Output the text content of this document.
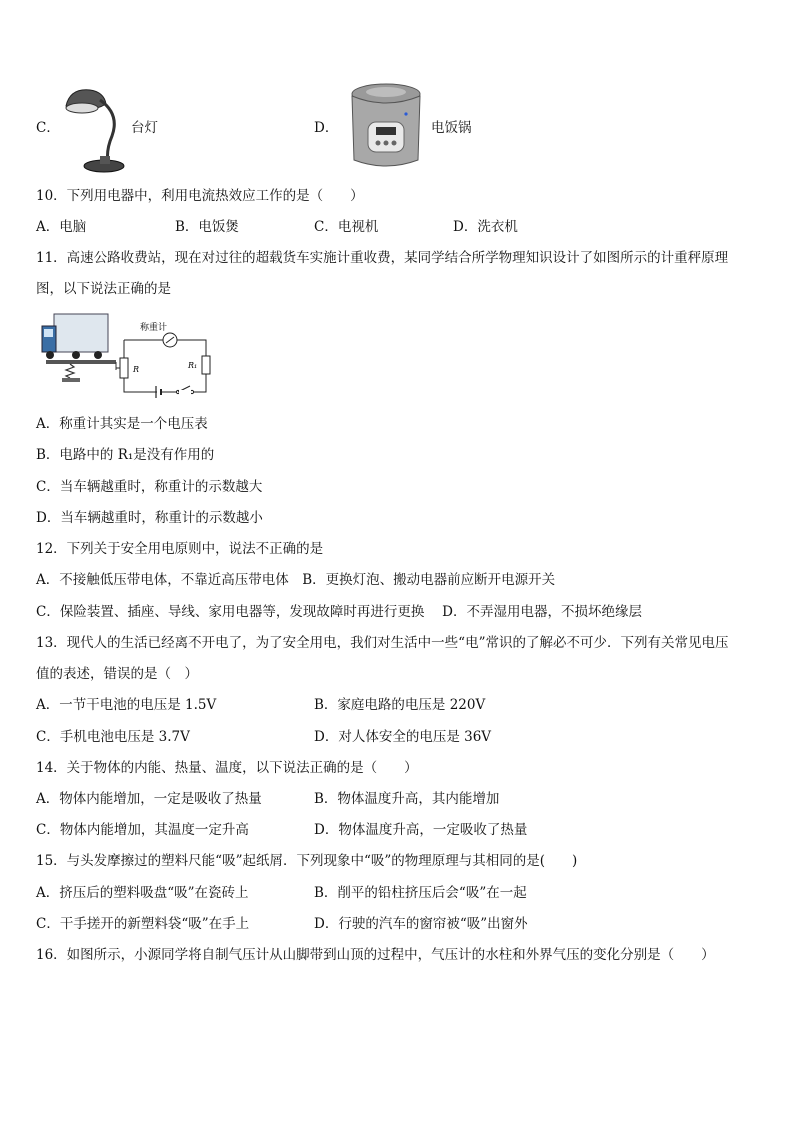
C．	台灯	D．	电饭锅
10．下列用电器中，利用电流热效应工作的是（　　）
A．电脑	B．电饭煲	C．电视机	D．洗衣机
11．高速公路收费站，现在对过往的超载货车实施计重收费，某同学结合所学物理知识设计了如图所示的计重秤原理
图，以下说法正确的是
R
称重计
R₁
A．称重计其实是一个电压表
B．电路中的 R₁是没有作用的
C．当车辆越重时，称重计的示数越大
D．当车辆越重时，称重计的示数越小
12．下列关于安全用电原则中，说法不正确的是
A．不接触低压带电体，不靠近高压带电体　B．更换灯泡、搬动电器前应断开电源开关
C．保险装置、插座、导线、家用电器等，发现故障时再进行更换　 D．不弄湿用电器，不损坏绝缘层
13．现代人的生活已经离不开电了，为了安全用电，我们对生活中一些“电”常识的了解必不可少．下列有关常见电压
值的表述，错误的是（　）
A．一节干电池的电压是 1.5V	B．家庭电路的电压是 220V
C．手机电池电压是 3.7V	D．对人体安全的电压是 36V
14．关于物体的内能、热量、温度，以下说法正确的是（　　）
A．物体内能增加，一定是吸收了热量	B．物体温度升高，其内能增加
C．物体内能增加，其温度一定升高	D．物体温度升高，一定吸收了热量
15．与头发摩擦过的塑料尺能“吸”起纸屑．下列现象中“吸”的物理原理与其相同的是(　　)
A．挤压后的塑料吸盘“吸”在瓷砖上	B．削平的铅柱挤压后会“吸”在一起
C．干手搓开的新塑料袋“吸”在手上	D．行驶的汽车的窗帘被“吸”出窗外
16．如图所示，小源同学将自制气压计从山脚带到山顶的过程中，气压计的水柱和外界气压的变化分别是（　　）
